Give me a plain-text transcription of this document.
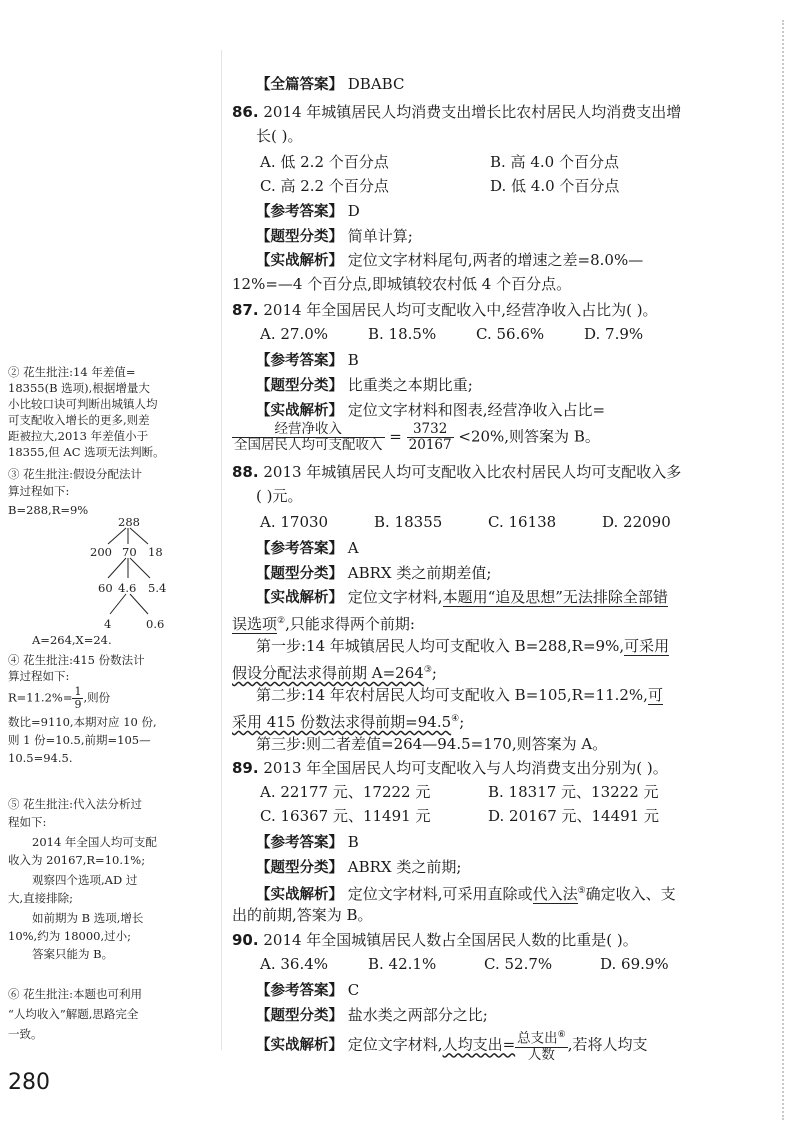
【全篇答案】 DBABC
86. 2014 年城镇居民人均消费支出增长比农村居民人均消费支出增
长( )。
A. 低 2.2 个百分点	B. 高 4.0 个百分点
C. 高 2.2 个百分点	D. 低 4.0 个百分点
【参考答案】 D
【题型分类】 简单计算;
【实战解析】 定位文字材料尾句,两者的增速之差=8.0%—
12%=—4 个百分点,即城镇较农村低 4 个百分点。
87. 2014 年全国居民人均可支配收入中,经营净收入占比为( )。
A. 27.0%	B. 18.5%	C. 56.6%	D. 7.9%
【参考答案】 B
【题型分类】 比重类之本期比重;
【实战解析】 定位文字材料和图表,经营净收入占比=
$\frac{\text{经营净收入}}{\text{全国居民人均可支配收入}} = \frac{3732}{20167} <20\%$,则答案为 B。
88. 2013 年城镇居民人均可支配收入比农村居民人均可支配收入多
( )元。
A. 17030	B. 18355	C. 16138	D. 22090
【参考答案】 A
【题型分类】 ABRX 类之前期差值;
【实战解析】 定位文字材料,本题用“追及思想”无法排除全部错
误选项②,只能求得两个前期:
第一步:14 年城镇居民人均可支配收入 B=288,R=9%,可采用
假设分配法求得前期 A=264③;
第二步:14 年农村居民人均可支配收入 B=105,R=11.2%,可
采用 415 份数法求得前期=94.5④;
第三步:则二者差值=264—94.5=170,则答案为 A。
89. 2013 年全国居民人均可支配收入与人均消费支出分别为( )。
A. 22177 元、17222 元	B. 18317 元、13222 元
C. 16367 元、11491 元	D. 20167 元、14491 元
【参考答案】 B
【题型分类】 ABRX 类之前期;
【实战解析】 定位文字材料,可采用直除或代入法⑤确定收入、支
出的前期,答案为 B。
90. 2014 年全国城镇居民人数占全国居民人数的比重是( )。
A. 36.4%	B. 42.1%	C. 52.7%	D. 69.9%
【参考答案】 C
【题型分类】 盐水类之两部分之比;
【实战解析】 定位文字材料,人均支出= $\frac{总支出^⑥}{\text{人数}}$ ,若将人均支
② 花生批注:14 年差值=
18355(B 选项),根据增量大
小比较口诀可判断出城镇人均
可支配收入增长的更多,则差
距被拉大,2013 年差值小于
18355,但 AC 选项无法判断。
③ 花生批注:假设分配法计
算过程如下:
B=288,R=9%
288
200 70 18
60 4.6 5.4
4	0.6
A=264,X=24.
④ 花生批注:415 份数法计
算过程如下:
$R=11.2\%= \frac{1}{9}$ ,则份
数比=9110,本期对应 10 份,
则 1 份=10.5,前期=105—
10.5=94.5.
⑤ 花生批注:代入法分析过
程如下:
2014 年全国人均可支配
收入为 20167,R=10.1%;
观察四个选项,AD 过
大,直接排除;
如前期为 B 选项,增长
10%,约为 18000,过小;
答案只能为 B。
⑥ 花生批注:本题也可利用
“人均收入”解题,思路完全
一致。
280
